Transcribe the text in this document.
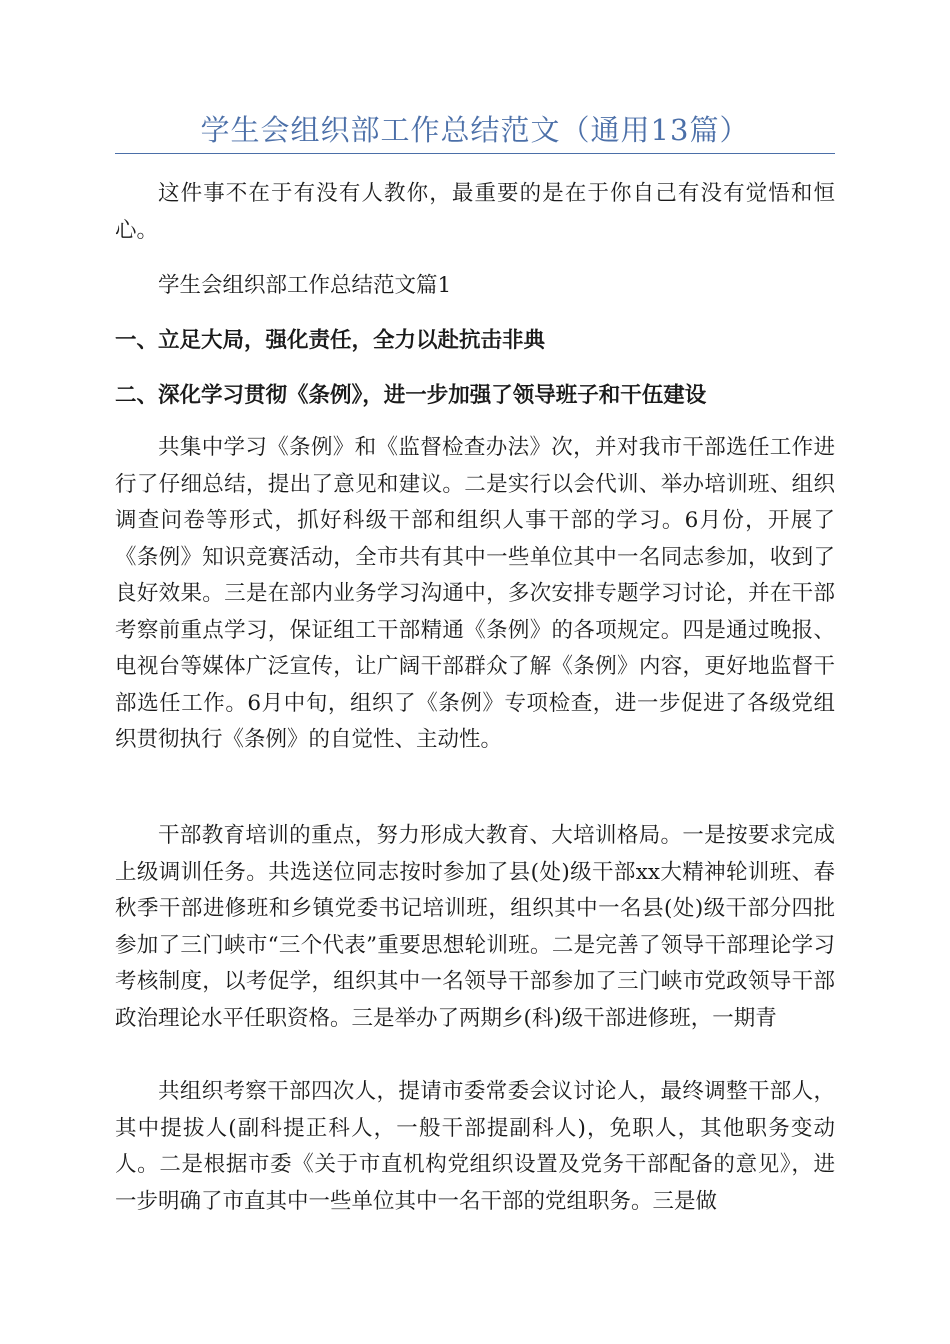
学生会组织部工作总结范文（通用13篇）

这件事不在于有没有人教你，最重要的是在于你自己有没有觉悟和恒心。

学生会组织部工作总结范文篇1

一、立足大局，强化责任，全力以赴抗击非典

二、深化学习贯彻《条例》，进一步加强了领导班子和干伍建设

共集中学习《条例》和《监督检查办法》次，并对我市干部选任工作进行了仔细总结，提出了意见和建议。二是实行以会代训、举办培训班、组织调查问卷等形式，抓好科级干部和组织人事干部的学习。6月份，开展了《条例》知识竞赛活动，全市共有其中一些单位其中一名同志参加，收到了良好效果。三是在部内业务学习沟通中，多次安排专题学习讨论，并在干部考察前重点学习，保证组工干部精通《条例》的各项规定。四是通过晚报、电视台等媒体广泛宣传，让广阔干部群众了解《条例》内容，更好地监督干部选任工作。6月中旬，组织了《条例》专项检查，进一步促进了各级党组织贯彻执行《条例》的自觉性、主动性。

干部教育培训的重点，努力形成大教育、大培训格局。一是按要求完成上级调训任务。共选送位同志按时参加了县(处)级干部xx大精神轮训班、春秋季干部进修班和乡镇党委书记培训班，组织其中一名县(处)级干部分四批参加了三门峡市“三个代表”重要思想轮训班。二是完善了领导干部理论学习考核制度，以考促学，组织其中一名领导干部参加了三门峡市党政领导干部政治理论水平任职资格。三是举办了两期乡(科)级干部进修班，一期青

共组织考察干部四次人，提请市委常委会议讨论人，最终调整干部人，其中提拔人(副科提正科人，一般干部提副科人)，免职人，其他职务变动人。二是根据市委《关于市直机构党组织设置及党务干部配备的意见》，进一步明确了市直其中一些单位其中一名干部的党组职务。三是做
